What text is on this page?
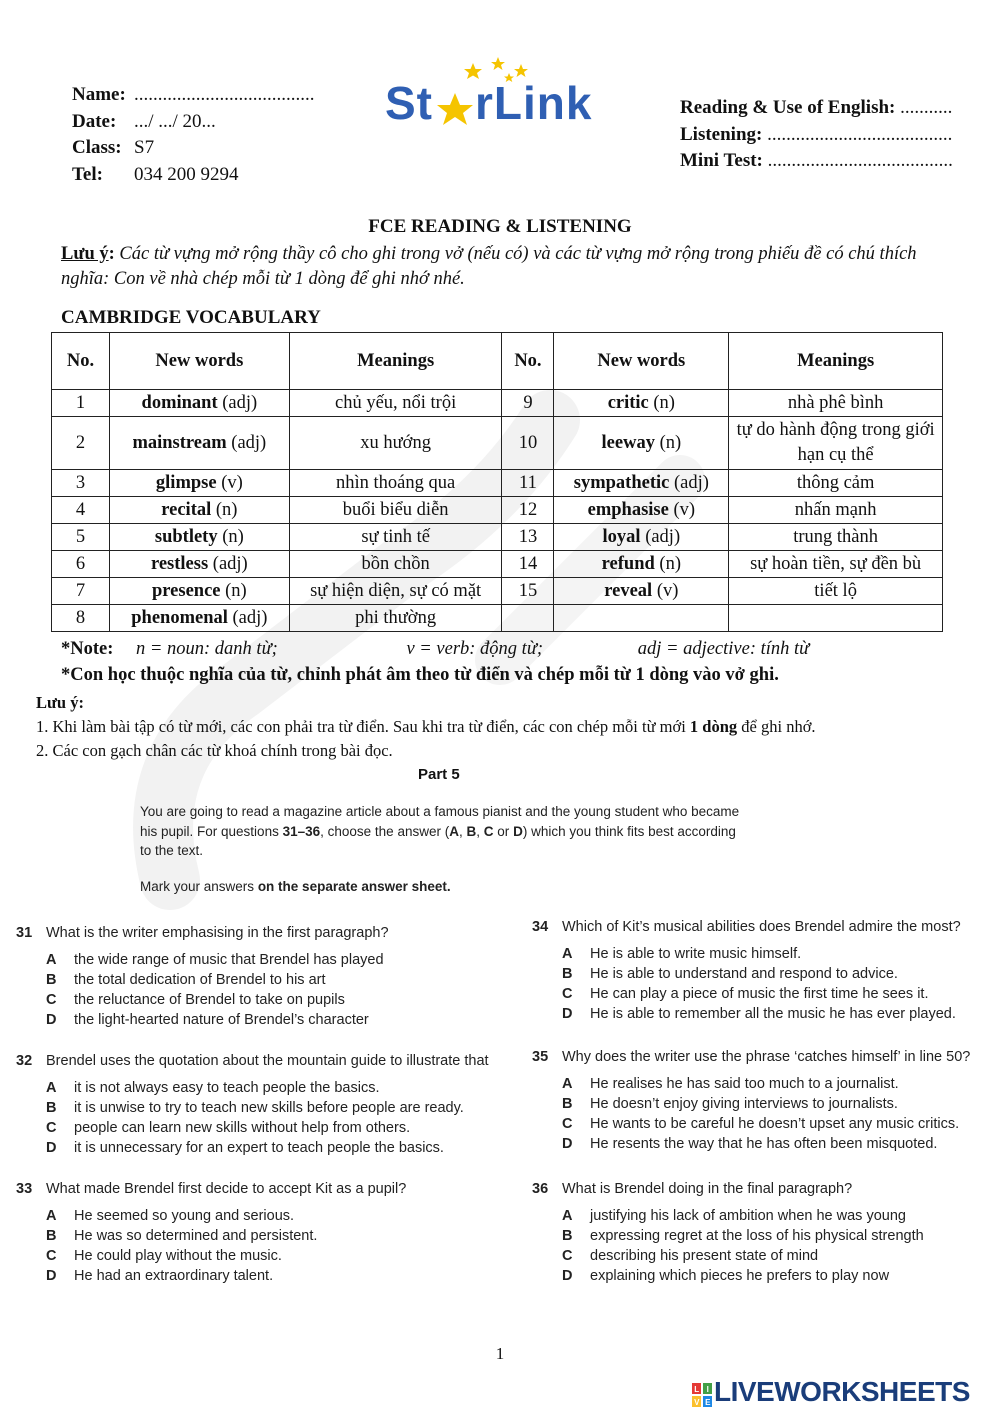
Name: ......................................
Date: .../ .../ 20...
Class: S7
Tel:	034 200 9294
St rLink	Reading & Use of English: ...........
Listening: .......................................
Mini Test: .......................................
FCE READING & LISTENING
Lưu ý: Các từ vựng mở rộng thầy cô cho ghi trong vở (nếu có) và các từ vựng mở rộng trong phiếu đề có chú thích nghĩa: Con về nhà chép mỗi từ 1 dòng để ghi nhớ nhé.
CAMBRIDGE VOCABULARY
No.	New words	Meanings	No.	New words	Meanings
1	dominant (adj)	chủ yếu, nổi trội	9	critic (n)	nhà phê bình
2	mainstream (adj)	xu hướng	10	leeway (n)	tự do hành động trong giới hạn cụ thể
3	glimpse (v)	nhìn thoáng qua	11	sympathetic (adj)	thông cảm
4	recital (n)	buổi biểu diễn	12	emphasise (v)	nhấn mạnh
5	subtlety (n)	sự tinh tế	13	loyal (adj)	trung thành
6	restless (adj)	bồn chồn	14	refund (n)	sự hoàn tiền, sự đền bù
7	presence (n)	sự hiện diện, sự có mặt	15	reveal (v)	tiết lộ
8	phenomenal (adj)	phi thường			
*Note: n = noun: danh từ;	v = verb: động từ;	adj = adjective: tính từ
*Con học thuộc nghĩa của từ, chỉnh phát âm theo từ điển và chép mỗi từ 1 dòng vào vở ghi.
Lưu ý:
1. Khi làm bài tập có từ mới, các con phải tra từ điển. Sau khi tra từ điển, các con chép mỗi từ mới 1 dòng để ghi nhớ.
2. Các con gạch chân các từ khoá chính trong bài đọc.
Part 5
You are going to read a magazine article about a famous pianist and the young student who became his pupil. For questions 31–36, choose the answer (A, B, C or D) which you think fits best according to the text.
Mark your answers on the separate answer sheet.
31 What is the writer emphasising in the first paragraph?
A	the wide range of music that Brendel has played
B	the total dedication of Brendel to his art
C	the reluctance of Brendel to take on pupils
D	the light-hearted nature of Brendel’s character
32 Brendel uses the quotation about the mountain guide to illustrate that
A	it is not always easy to teach people the basics.
B	it is unwise to try to teach new skills before people are ready.
C	people can learn new skills without help from others.
D	it is unnecessary for an expert to teach people the basics.
33 What made Brendel first decide to accept Kit as a pupil?
A	He seemed so young and serious.
B	He was so determined and persistent.
C	He could play without the music.
D	He had an extraordinary talent.
34 Which of Kit’s musical abilities does Brendel admire the most?
A	He is able to write music himself.
B	He is able to understand and respond to advice.
C	He can play a piece of music the first time he sees it.
D	He is able to remember all the music he has ever played.
35 Why does the writer use the phrase ‘catches himself’ in line 50?
A	He realises he has said too much to a journalist.
B	He doesn’t enjoy giving interviews to journalists.
C	He wants to be careful he doesn’t upset any music critics.
D	He resents the way that he has often been misquoted.
36 What is Brendel doing in the final paragraph?
A	justifying his lack of ambition when he was young
B	expressing regret at the loss of his physical strength
C	describing his present state of mind
D	explaining which pieces he prefers to play now
1
L I
V E LIVEWORKSHEETS
